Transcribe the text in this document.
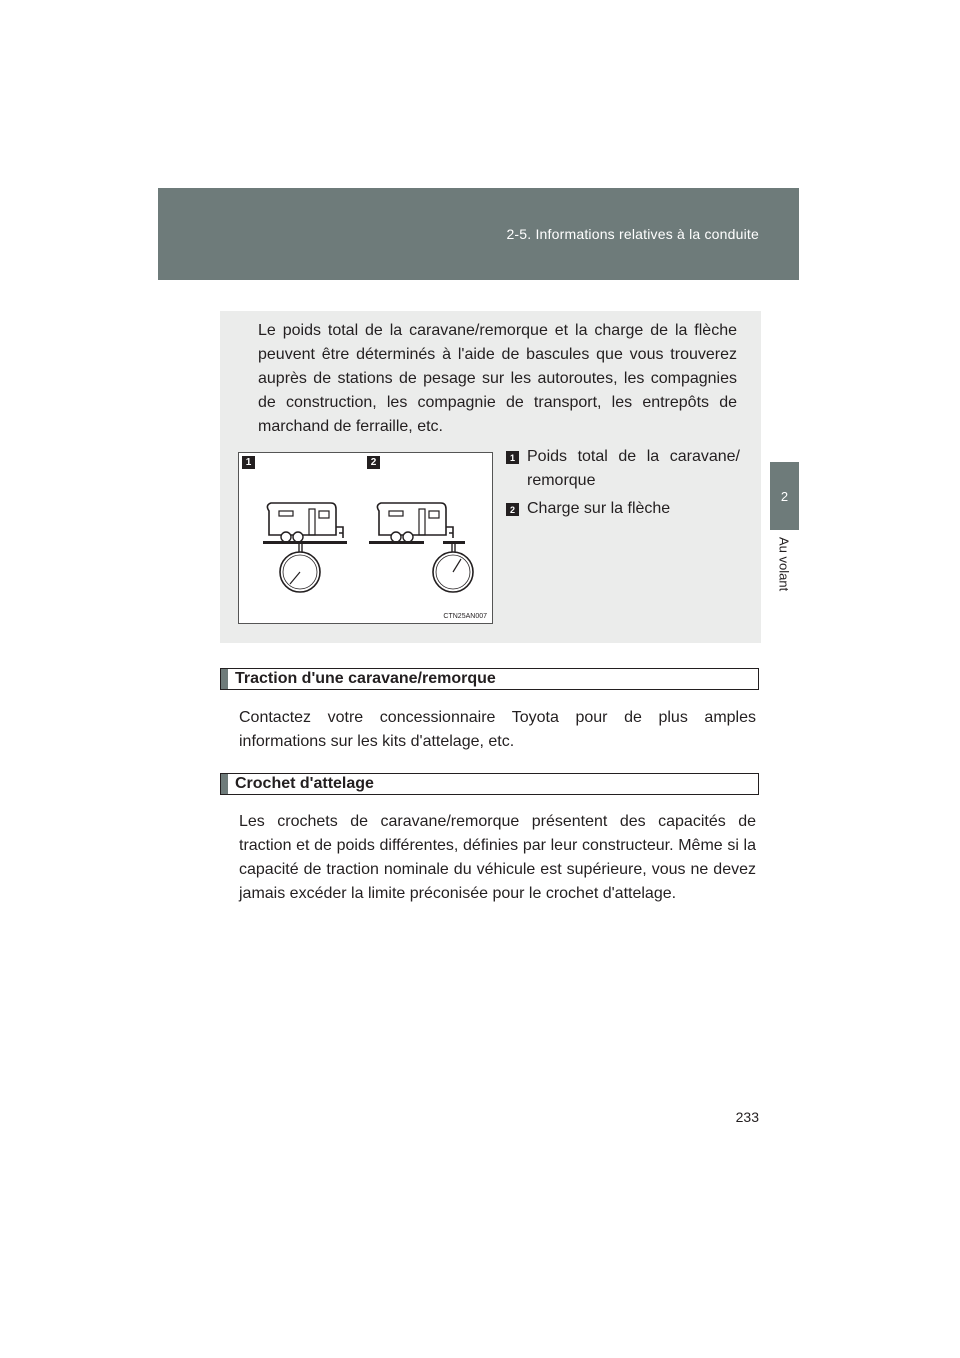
2-5. Informations relatives à la conduite
2
Au volant
Le poids total de la caravane/remorque et la charge de la flèche peuvent être déterminés à l'aide de bascules que vous trouverez auprès de stations de pesage sur les autoroutes, les compagnies de construction, les compagnie de transport, les entrepôts de marchand de ferraille, etc.
1	2
CTN25AN007
1 Poids total de la caravane/ remorque
2 Charge sur la flèche
Traction d'une caravane/remorque
Contactez votre concessionnaire Toyota pour de plus amples informations sur les kits d'attelage, etc.
Crochet d'attelage
Les crochets de caravane/remorque présentent des capacités de traction et de poids différentes, définies par leur constructeur. Même si la capacité de traction nominale du véhicule est supérieure, vous ne devez jamais excéder la limite préconisée pour le crochet d'attelage.
233
